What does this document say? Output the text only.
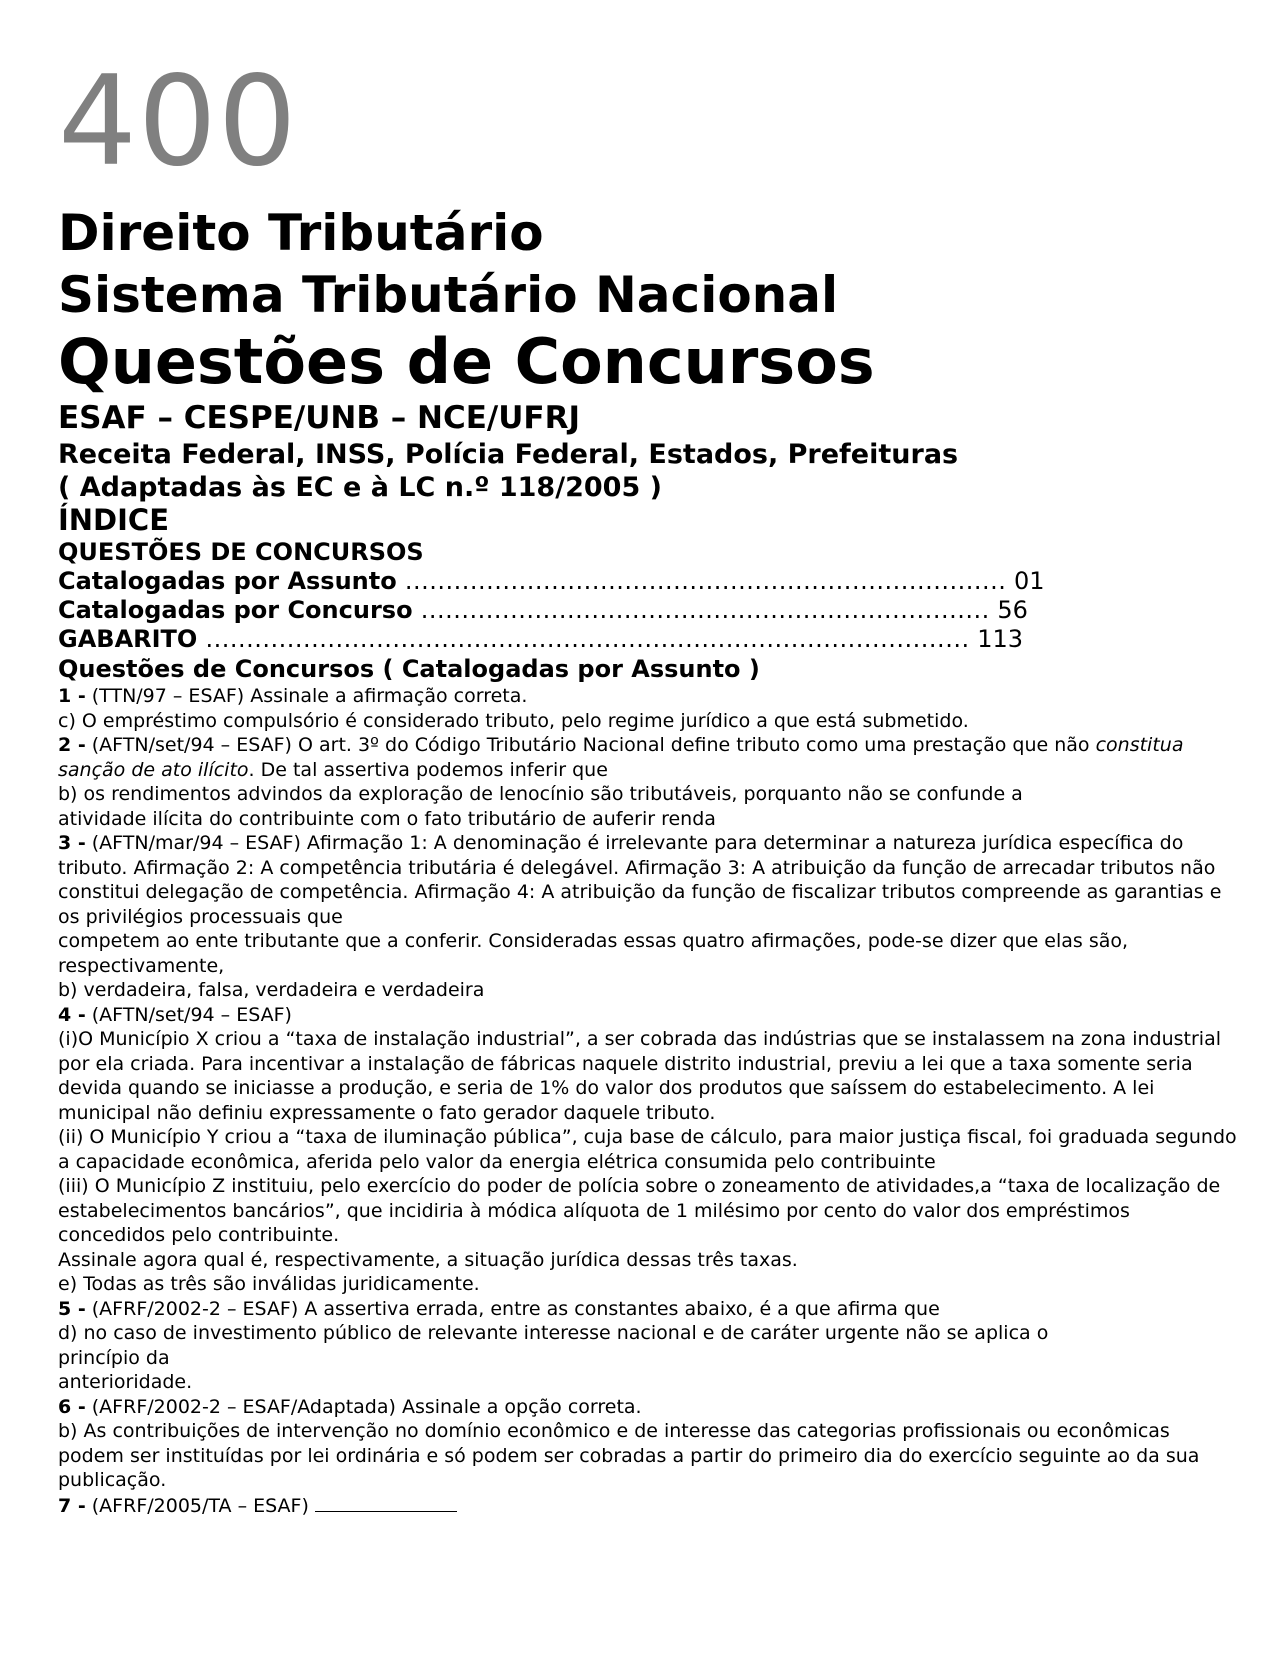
400
Direito Tributário
Sistema Tributário Nacional
Questões de Concursos
ESAF – CESPE/UNB – NCE/UFRJ
Receita Federal, INSS, Polícia Federal, Estados, Prefeituras
( Adaptadas às EC e à LC n.º 118/2005 )
ÍNDICE
QUESTÕES DE CONCURSOS
Catalogadas por Assunto .......................................................................... 01
Catalogadas por Concurso ...................................................................... 56
GABARITO .............................................................................................. 113
Questões de Concursos ( Catalogadas por Assunto )

1 - (TTN/97 – ESAF) Assinale a afirmação correta.

c) O empréstimo compulsório é considerado tributo, pelo regime jurídico a que está submetido.

2 - (AFTN/set/94 – ESAF) O art. 3º do Código Tributário Nacional define tributo como uma prestação que não constitua sanção de ato ilícito. De tal assertiva podemos inferir que

b) os rendimentos advindos da exploração de lenocínio são tributáveis, porquanto não se confunde a

atividade ilícita do contribuinte com o fato tributário de auferir renda

3 - (AFTN/mar/94 – ESAF) Afirmação 1: A denominação é irrelevante para determinar a natureza jurídica específica do tributo. Afirmação 2: A competência tributária é delegável. Afirmação 3: A atribuição da função de arrecadar tributos não constitui delegação de competência. Afirmação 4: A atribuição da função de fiscalizar tributos compreende as garantias e os privilégios processuais que

competem ao ente tributante que a conferir. Consideradas essas quatro afirmações, pode-se dizer que elas são, respectivamente,

b) verdadeira, falsa, verdadeira e verdadeira

4 - (AFTN/set/94 – ESAF)

(i)O Município X criou a “taxa de instalação industrial”, a ser cobrada das indústrias que se instalassem na zona industrial por ela criada. Para incentivar a instalação de fábricas naquele distrito industrial, previu a lei que a taxa somente seria devida quando se iniciasse a produção, e seria de 1% do valor dos produtos que saíssem do estabelecimento. A lei municipal não definiu expressamente o fato gerador daquele tributo.

(ii) O Município Y criou a “taxa de iluminação pública”, cuja base de cálculo, para maior justiça fiscal, foi graduada segundo a capacidade econômica, aferida pelo valor da energia elétrica consumida pelo contribuinte

(iii) O Município Z instituiu, pelo exercício do poder de polícia sobre o zoneamento de atividades,a “taxa de localização de estabelecimentos bancários”, que incidiria à módica alíquota de 1 milésimo por cento do valor dos empréstimos concedidos pelo contribuinte.

Assinale agora qual é, respectivamente, a situação jurídica dessas três taxas.

e) Todas as três são inválidas juridicamente.

5 - (AFRF/2002-2 – ESAF) A assertiva errada, entre as constantes abaixo, é a que afirma que

d) no caso de investimento público de relevante interesse nacional e de caráter urgente não se aplica o

princípio da

anterioridade.

6 - (AFRF/2002-2 – ESAF/Adaptada) Assinale a opção correta.

b) As contribuições de intervenção no domínio econômico e de interesse das categorias profissionais ou econômicas podem ser instituídas por lei ordinária e só podem ser cobradas a partir do primeiro dia do exercício seguinte ao da sua publicação.

7 - (AFRF/2005/TA – ESAF)
